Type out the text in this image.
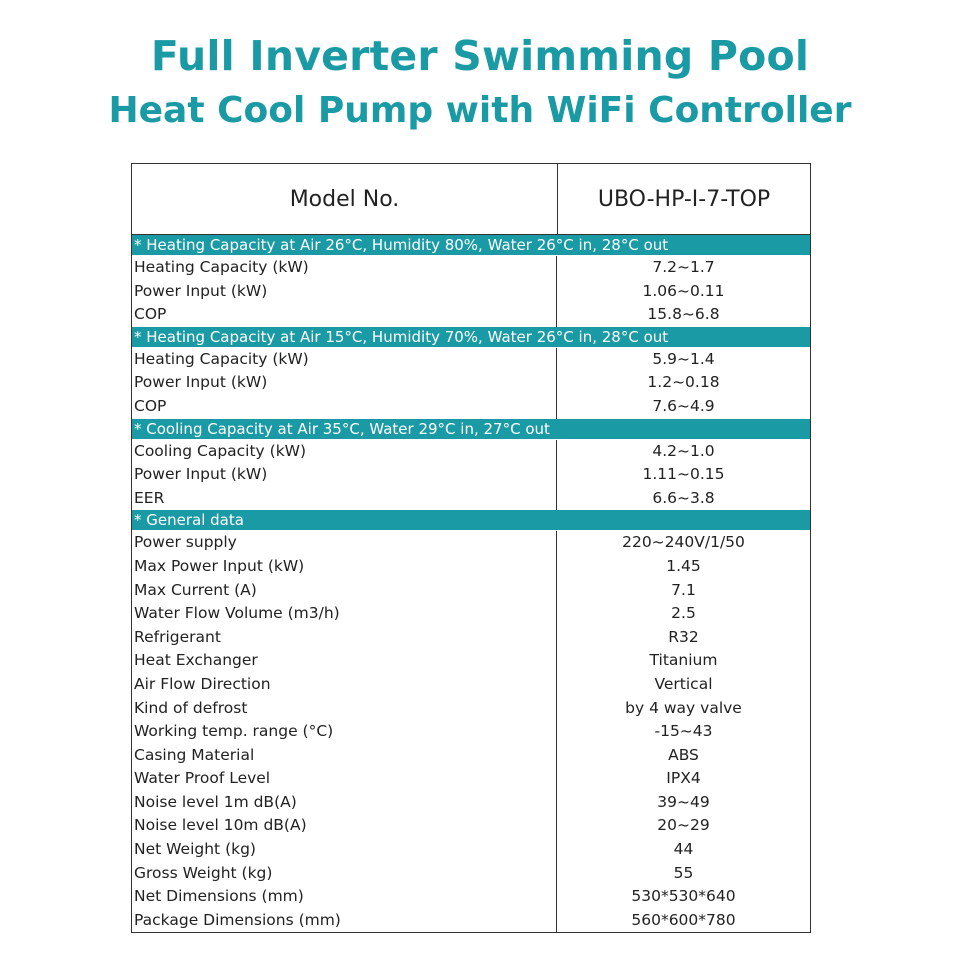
Full Inverter Swimming Pool
Heat Cool Pump with WiFi Controller
Model No.	UBO-HP-I-7-TOP
* Heating Capacity at Air 26°C, Humidity 80%, Water 26°C in, 28°C out
Heating Capacity (kW)	7.2~1.7
Power Input (kW)	1.06~0.11
COP	15.8~6.8
* Heating Capacity at Air 15°C, Humidity 70%, Water 26°C in, 28°C out
Heating Capacity (kW)	5.9~1.4
Power Input (kW)	1.2~0.18
COP	7.6~4.9
* Cooling Capacity at Air 35°C, Water 29°C in, 27°C out
Cooling Capacity (kW)	4.2~1.0
Power Input (kW)	1.11~0.15
EER	6.6~3.8
* General data
Power supply	220~240V/1/50
Max Power Input (kW)	1.45
Max Current (A)	7.1
Water Flow Volume (m3/h)	2.5
Refrigerant	R32
Heat Exchanger	Titanium
Air Flow Direction	Vertical
Kind of defrost	by 4 way valve
Working temp. range (°C)	-15~43
Casing Material	ABS
Water Proof Level	IPX4
Noise level 1m dB(A)	39~49
Noise level 10m dB(A)	20~29
Net Weight (kg)	44
Gross Weight (kg)	55
Net Dimensions (mm)	530*530*640
Package Dimensions (mm)	560*600*780
